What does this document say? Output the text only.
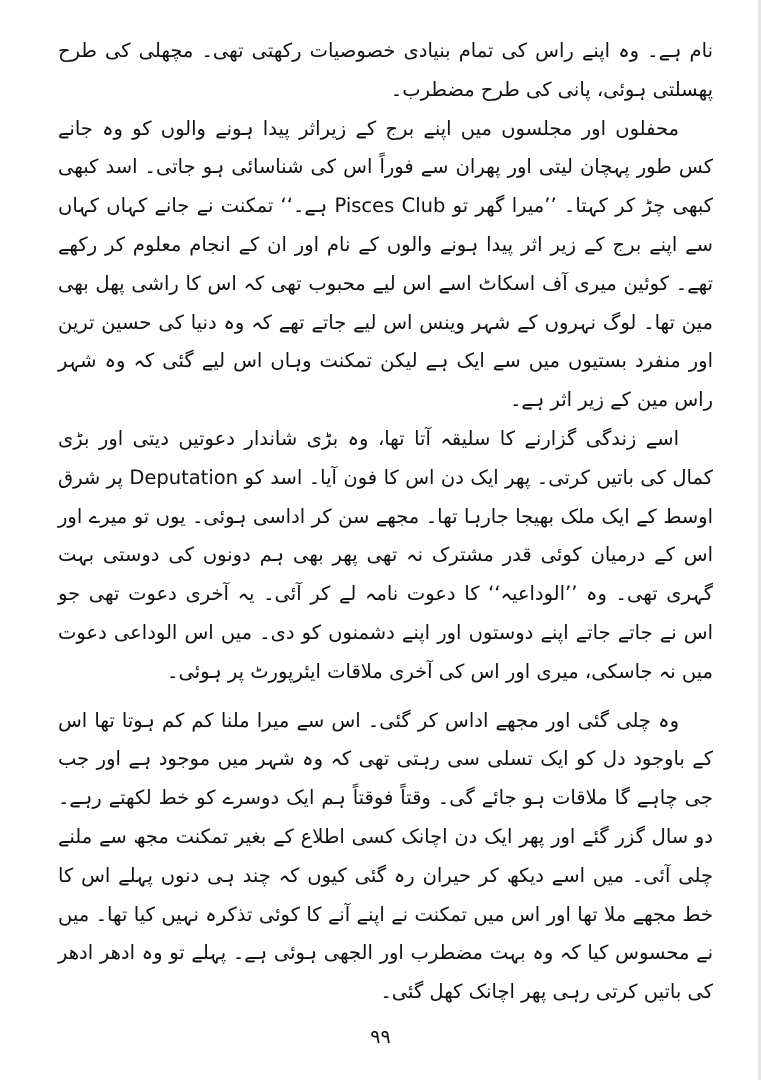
نام ہے۔ وہ اپنے راس کی تمام بنیادی خصوصیات رکھتی تھی۔ مچھلی کی طرح پھسلتی ہوئی، پانی کی طرح مضطرب۔

محفلوں اور مجلسوں میں اپنے برج کے زیراثر پیدا ہونے والوں کو وہ جانے کس طور پہچان لیتی اور پھران سے فوراً اس کی شناسائی ہو جاتی۔ اسد کبھی کبھی چڑ کر کہتا۔ ’’میرا گھر تو Pisces Club ہے۔‘‘ تمکنت نے جانے کہاں کہاں سے اپنے برج کے زیر اثر پیدا ہونے والوں کے نام اور ان کے انجام معلوم کر رکھے تھے۔ کوئین میری آف اسکاٹ اسے اس لیے محبوب تھی کہ اس کا راشی پھل بھی مین تھا۔ لوگ نہروں کے شہر وینس اس لیے جاتے تھے کہ وہ دنیا کی حسین ترین اور منفرد بستیوں میں سے ایک ہے لیکن تمکنت وہاں اس لیے گئی کہ وہ شہر راس مین کے زیر اثر ہے۔

اسے زندگی گزارنے کا سلیقہ آتا تھا، وہ بڑی شاندار دعوتیں دیتی اور بڑی کمال کی باتیں کرتی۔ پھر ایک دن اس کا فون آیا۔ اسد کو Deputation پر شرق اوسط کے ایک ملک بھیجا جارہا تھا۔ مجھے سن کر اداسی ہوئی۔ یوں تو میرے اور اس کے درمیان کوئی قدر مشترک نہ تھی پھر بھی ہم دونوں کی دوستی بہت گہری تھی۔ وہ ’’الوداعیہ‘‘ کا دعوت نامہ لے کر آئی۔ یہ آخری دعوت تھی جو اس نے جاتے جاتے اپنے دوستوں اور اپنے دشمنوں کو دی۔ میں اس الوداعی دعوت میں نہ جاسکی، میری اور اس کی آخری ملاقات ایئرپورٹ پر ہوئی۔

وہ چلی گئی اور مجھے اداس کر گئی۔ اس سے میرا ملنا کم کم ہوتا تھا اس کے باوجود دل کو ایک تسلی سی رہتی تھی کہ وہ شہر میں موجود ہے اور جب جی چاہے گا ملاقات ہو جائے گی۔ وقتاً فوقتاً ہم ایک دوسرے کو خط لکھتے رہے۔ دو سال گزر گئے اور پھر ایک دن اچانک کسی اطلاع کے بغیر تمکنت مجھ سے ملنے چلی آئی۔ میں اسے دیکھ کر حیران رہ گئی کیوں کہ چند ہی دنوں پہلے اس کا خط مجھے ملا تھا اور اس میں تمکنت نے اپنے آنے کا کوئی تذکرہ نہیں کیا تھا۔ میں نے محسوس کیا کہ وہ بہت مضطرب اور الجھی ہوئی ہے۔ پہلے تو وہ ادھر ادھر کی باتیں کرتی رہی پھر اچانک کھل گئی۔

۹۹
